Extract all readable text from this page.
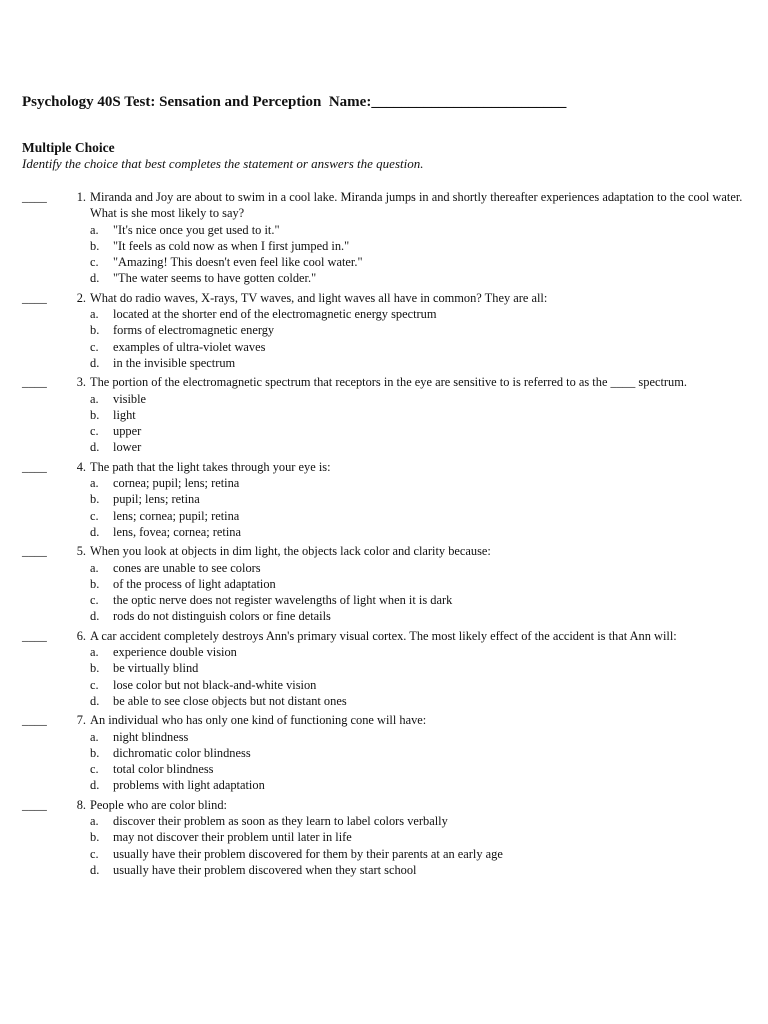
Psychology 40S Test: Sensation and Perception Name:__________________________
Multiple Choice
Identify the choice that best completes the statement or answers the question.
____	1. Miranda and Joy are about to swim in a cool lake. Miranda jumps in and shortly thereafter experiences adaptation to the cool water. What is she most likely to say?
a.	"It's nice once you get used to it."
b.	"It feels as cold now as when I first jumped in."
c.	"Amazing! This doesn't even feel like cool water."
d.	"The water seems to have gotten colder."
____	2. What do radio waves, X-rays, TV waves, and light waves all have in common? They are all:
a.	located at the shorter end of the electromagnetic energy spectrum
b.	forms of electromagnetic energy
c.	examples of ultra-violet waves
d.	in the invisible spectrum
____	3. The portion of the electromagnetic spectrum that receptors in the eye are sensitive to is referred to as the ____ spectrum.
a.	visible
b.	light
c.	upper
d.	lower
____	4. The path that the light takes through your eye is:
a.	cornea; pupil; lens; retina
b.	pupil; lens; retina
c.	lens; cornea; pupil; retina
d.	lens, fovea; cornea; retina
____	5. When you look at objects in dim light, the objects lack color and clarity because:
a.	cones are unable to see colors
b.	of the process of light adaptation
c.	the optic nerve does not register wavelengths of light when it is dark
d.	rods do not distinguish colors or fine details
____	6. A car accident completely destroys Ann's primary visual cortex. The most likely effect of the accident is that Ann will:
a.	experience double vision
b.	be virtually blind
c.	lose color but not black-and-white vision
d.	be able to see close objects but not distant ones
____	7. An individual who has only one kind of functioning cone will have:
a.	night blindness
b.	dichromatic color blindness
c.	total color blindness
d.	problems with light adaptation
____	8. People who are color blind:
a.	discover their problem as soon as they learn to label colors verbally
b.	may not discover their problem until later in life
c.	usually have their problem discovered for them by their parents at an early age
d.	usually have their problem discovered when they start school
